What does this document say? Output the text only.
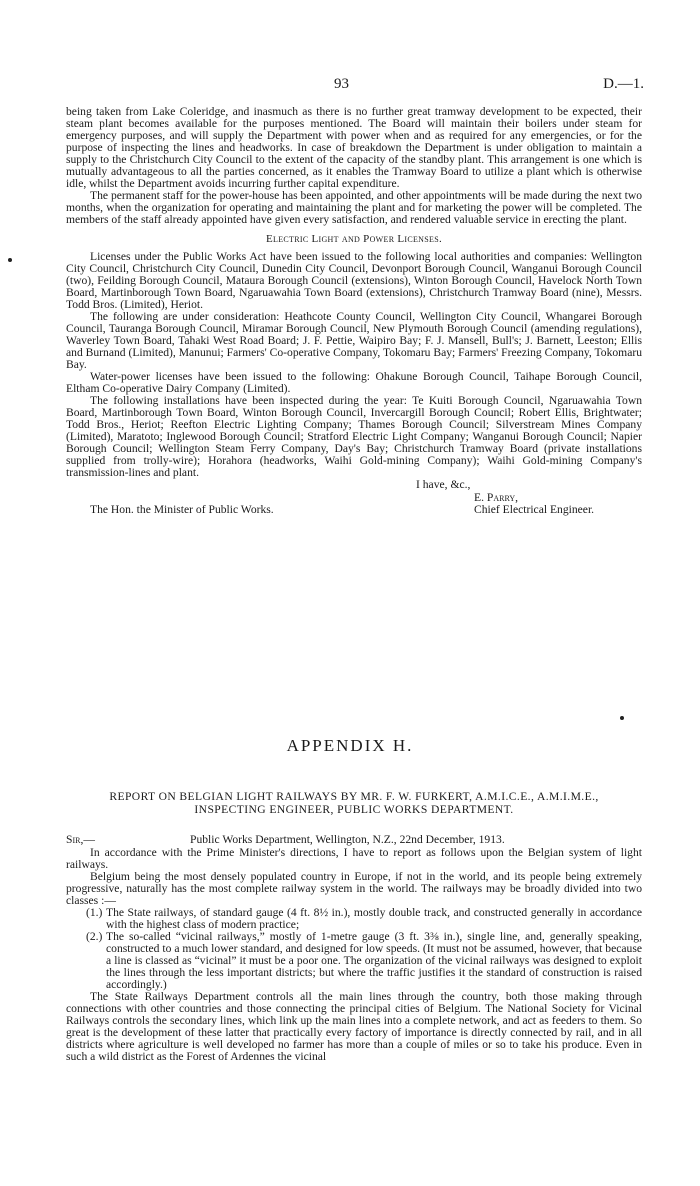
93	D.—1.

being taken from Lake Coleridge, and inasmuch as there is no further great tramway development to be expected, their steam plant becomes available for the purposes mentioned. The Board will maintain their boilers under steam for emergency purposes, and will supply the Department with power when and as required for any emergencies, or for the purpose of inspecting the lines and headworks. In case of breakdown the Department is under obligation to maintain a supply to the Christchurch City Council to the extent of the capacity of the standby plant. This arrangement is one which is mutually advantageous to all the parties concerned, as it enables the Tramway Board to utilize a plant which is otherwise idle, whilst the Department avoids incurring further capital expenditure.

The permanent staff for the power-house has been appointed, and other appointments will be made during the next two months, when the organization for operating and maintaining the plant and for marketing the power will be completed. The members of the staff already appointed have given every satisfaction, and rendered valuable service in erecting the plant.

Electric Light and Power Licenses.

Licenses under the Public Works Act have been issued to the following local authorities and companies: Wellington City Council, Christchurch City Council, Dunedin City Council, Devonport Borough Council, Wanganui Borough Council (two), Feilding Borough Council, Mataura Borough Council (extensions), Winton Borough Council, Havelock North Town Board, Martinborough Town Board, Ngaruawahia Town Board (extensions), Christchurch Tramway Board (nine), Messrs. Todd Bros. (Limited), Heriot.

The following are under consideration: Heathcote County Council, Wellington City Council, Whangarei Borough Council, Tauranga Borough Council, Miramar Borough Council, New Plymouth Borough Council (amending regulations), Waverley Town Board, Tahaki West Road Board; J. F. Pettie, Waipiro Bay; F. J. Mansell, Bull's; J. Barnett, Leeston; Ellis and Burnand (Limited), Manunui; Farmers' Co-operative Company, Tokomaru Bay; Farmers' Freezing Company, Tokomaru Bay.

Water-power licenses have been issued to the following: Ohakune Borough Council, Taihape Borough Council, Eltham Co-operative Dairy Company (Limited).

The following installations have been inspected during the year: Te Kuiti Borough Council, Ngaruawahia Town Board, Martinborough Town Board, Winton Borough Council, Invercargill Borough Council; Robert Ellis, Brightwater; Todd Bros., Heriot; Reefton Electric Lighting Company; Thames Borough Council; Silverstream Mines Company (Limited), Maratoto; Inglewood Borough Council; Stratford Electric Light Company; Wanganui Borough Council; Napier Borough Council; Wellington Steam Ferry Company, Day's Bay; Christchurch Tramway Board (private installations supplied from trolly-wire); Horahora (headworks, Waihi Gold-mining Company); Waihi Gold-mining Company's transmission-lines and plant.

I have, &c.,
E. Parry,
The Hon. the Minister of Public Works.	Chief Electrical Engineer.
APPENDIX H.
REPORT ON BELGIAN LIGHT RAILWAYS BY MR. F. W. FURKERT, A.M.I.C.E., A.M.I.M.E.,
INSPECTING ENGINEER, PUBLIC WORKS DEPARTMENT.
Sir,—	Public Works Department, Wellington, N.Z., 22nd December, 1913.

In accordance with the Prime Minister's directions, I have to report as follows upon the Belgian system of light railways.

Belgium being the most densely populated country in Europe, if not in the world, and its people being extremely progressive, naturally has the most complete railway system in the world. The railways may be broadly divided into two classes :—

(1.) The State railways, of standard gauge (4 ft. 8½ in.), mostly double track, and constructed generally in accordance with the highest class of modern practice;

(2.) The so-called “vicinal railways,” mostly of 1-metre gauge (3 ft. 3⅜ in.), single line, and, generally speaking, constructed to a much lower standard, and designed for low speeds. (It must not be assumed, however, that because a line is classed as “vicinal” it must be a poor one. The organization of the vicinal railways was designed to exploit the lines through the less important districts; but where the traffic justifies it the standard of construction is raised accordingly.)

The State Railways Department controls all the main lines through the country, both those making through connections with other countries and those connecting the principal cities of Belgium. The National Society for Vicinal Railways controls the secondary lines, which link up the main lines into a complete network, and act as feeders to them. So great is the development of these latter that practically every factory of importance is directly connected by rail, and in all districts where agriculture is well developed no farmer has more than a couple of miles or so to take his produce. Even in such a wild district as the Forest of Ardennes the vicinal
